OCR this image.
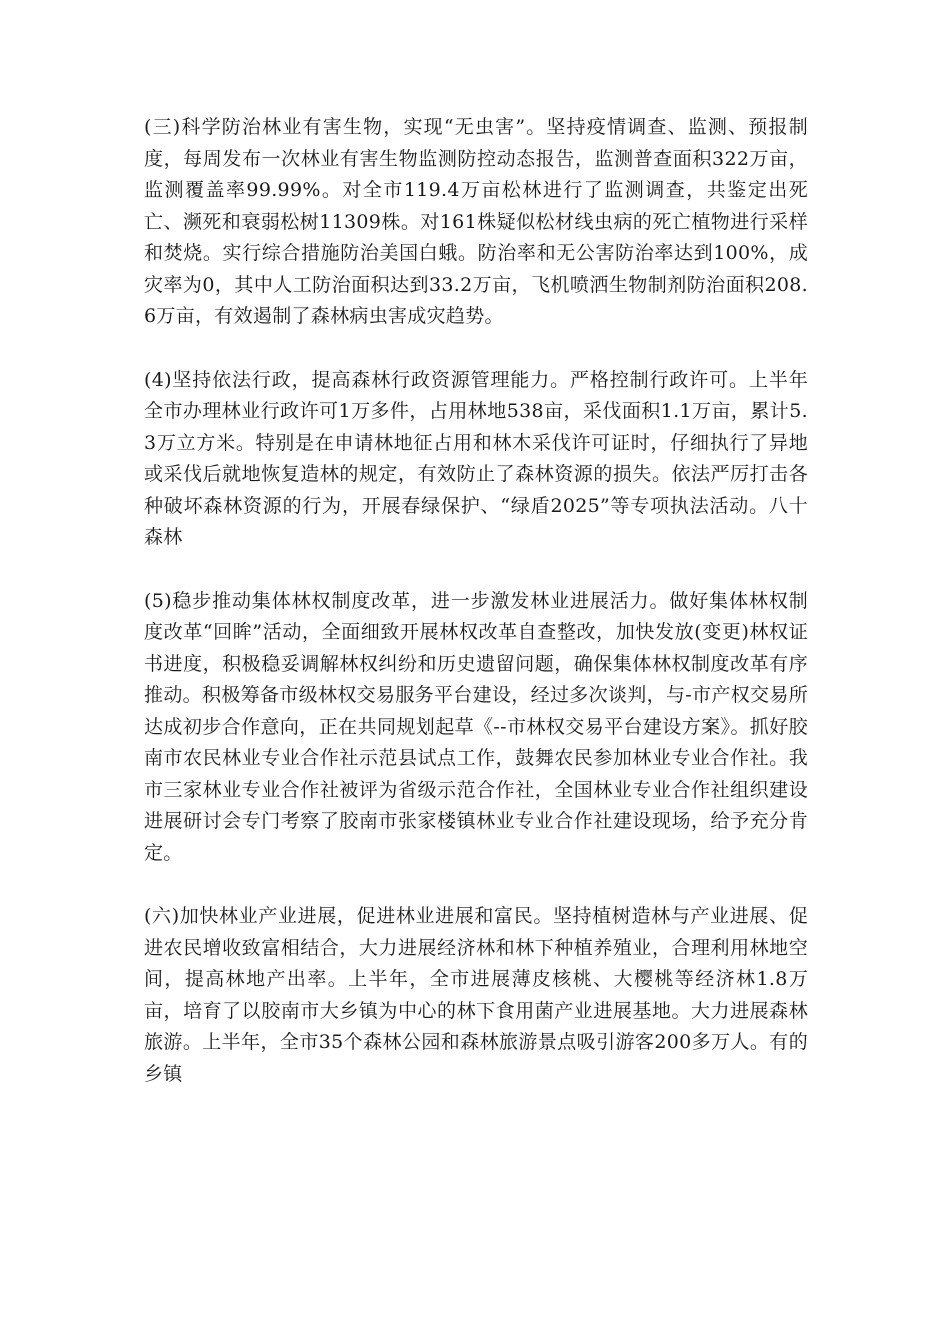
(三)科学防治林业有害生物，实现“无虫害”。坚持疫情调查、监测、预报制度，每周发布一次林业有害生物监测防控动态报告，监测普查面积322万亩，监测覆盖率99.99%。对全市119.4万亩松林进行了监测调查，共鉴定出死亡、濒死和衰弱松树11309株。对161株疑似松材线虫病的死亡植物进行采样和焚烧。实行综合措施防治美国白蛾。防治率和无公害防治率达到100%，成灾率为0，其中人工防治面积达到33.2万亩，飞机喷洒生物制剂防治面积208.6万亩，有效遏制了森林病虫害成灾趋势。

(4)坚持依法行政，提高森林行政资源管理能力。严格控制行政许可。上半年全市办理林业行政许可1万多件，占用林地538亩，采伐面积1.1万亩，累计5.3万立方米。特别是在申请林地征占用和林木采伐许可证时，仔细执行了异地或采伐后就地恢复造林的规定，有效防止了森林资源的损失。依法严厉打击各种破坏森林资源的行为，开展春绿保护、“绿盾2025”等专项执法活动。八十森林

(5)稳步推动集体林权制度改革，进一步激发林业进展活力。做好集体林权制度改革“回眸”活动，全面细致开展林权改革自查整改，加快发放(变更)林权证书进度，积极稳妥调解林权纠纷和历史遗留问题，确保集体林权制度改革有序推动。积极筹备市级林权交易服务平台建设，经过多次谈判，与-市产权交易所达成初步合作意向，正在共同规划起草《--市林权交易平台建设方案》。抓好胶南市农民林业专业合作社示范县试点工作，鼓舞农民参加林业专业合作社。我市三家林业专业合作社被评为省级示范合作社，全国林业专业合作社组织建设进展研讨会专门考察了胶南市张家楼镇林业专业合作社建设现场，给予充分肯定。

(六)加快林业产业进展，促进林业进展和富民。坚持植树造林与产业进展、促进农民增收致富相结合，大力进展经济林和林下种植养殖业，合理利用林地空间，提高林地产出率。上半年，全市进展薄皮核桃、大樱桃等经济林1.8万亩，培育了以胶南市大乡镇为中心的林下食用菌产业进展基地。大力进展森林旅游。上半年，全市35个森林公园和森林旅游景点吸引游客200多万人。有的乡镇
